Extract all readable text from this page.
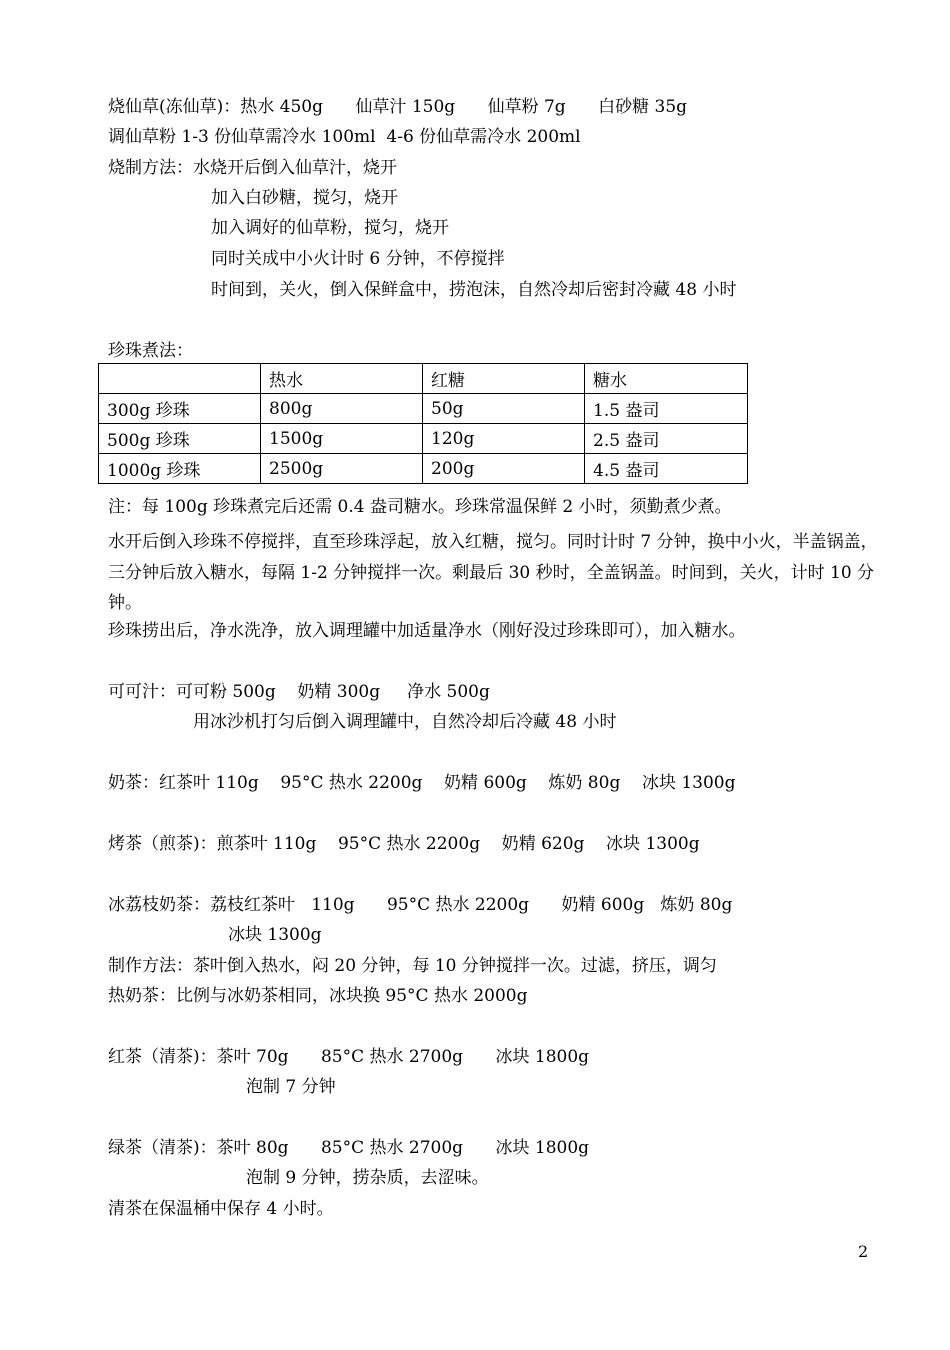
烧仙草(冻仙草)：热水 450g      仙草汁 150g      仙草粉 7g      白砂糖 35g
调仙草粉 1-3 份仙草需冷水 100ml  4-6 份仙草需冷水 200ml
烧制方法： 水烧开后倒入仙草汁，烧开
加入白砂糖，搅匀，烧开
加入调好的仙草粉，搅匀，烧开
同时关成中小火计时 6 分钟，不停搅拌
时间到，关火，倒入保鲜盒中，捞泡沫，自然冷却后密封冷藏 48 小时
珍珠煮法：
	热水	红糖	糖水
300g 珍珠	800g	50g	1.5 盎司
500g 珍珠	1500g	120g	2.5 盎司
1000g 珍珠	2500g	200g	4.5 盎司
注：每 100g 珍珠煮完后还需 0.4 盎司糖水。珍珠常温保鲜 2 小时，须勤煮少煮。
水开后倒入珍珠不停搅拌，直至珍珠浮起，放入红糖，搅匀。同时计时 7 分钟，换中小火，半盖锅盖，三分钟后放入糖水，每隔 1-2 分钟搅拌一次。剩最后 30 秒时，全盖锅盖。时间到，关火，计时 10 分钟。
珍珠捞出后，净水洗净，放入调理罐中加适量净水（刚好没过珍珠即可），加入糖水。
可可汁：可可粉 500g    奶精 300g     净水 500g
用冰沙机打匀后倒入调理罐中，自然冷却后冷藏 48 小时
奶茶：红茶叶 110g    95°C 热水 2200g    奶精 600g    炼奶 80g    冰块 1300g
烤茶（煎茶)：煎茶叶 110g    95°C 热水 2200g    奶精 620g    冰块 1300g
冰荔枝奶茶：荔枝红茶叶   110g      95°C 热水 2200g      奶精 600g   炼奶 80g
冰块 1300g
制作方法：茶叶倒入热水，闷 20 分钟，每 10 分钟搅拌一次。过滤，挤压，调匀
热奶茶：比例与冰奶茶相同，冰块换 95°C 热水 2000g
红茶（清茶)：茶叶 70g      85°C 热水 2700g      冰块 1800g
泡制 7 分钟
绿茶（清茶)：茶叶 80g      85°C 热水 2700g      冰块 1800g
泡制 9 分钟，捞杂质，去涩味。
清茶在保温桶中保存 4 小时。
2
